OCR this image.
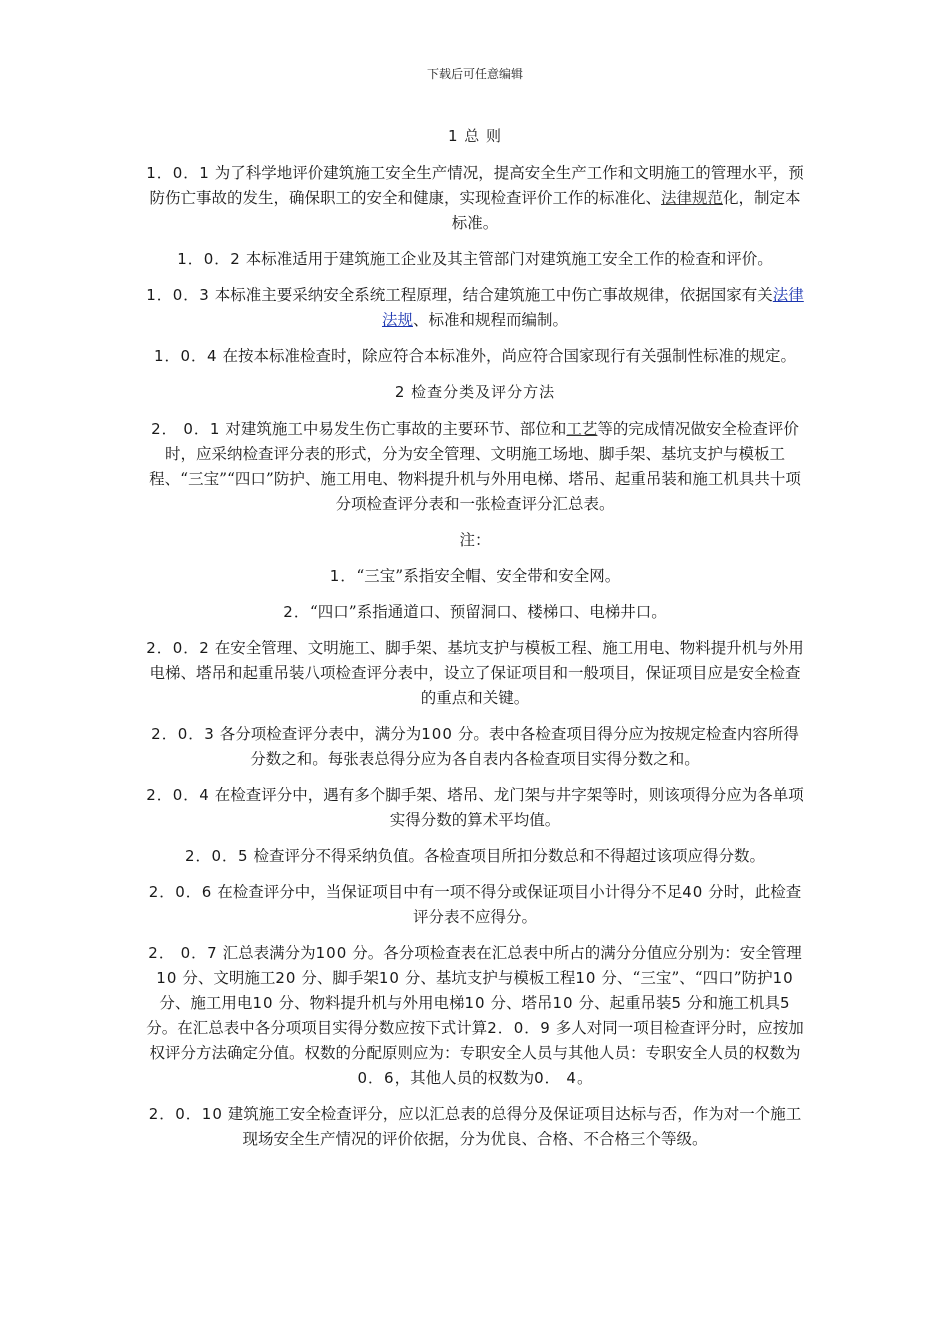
下载后可任意编辑
1 总 则

1．0．1 为了科学地评价建筑施工安全生产情况，提高安全生产工作和文明施工的管理水平，预防伤亡事故的发生，确保职工的安全和健康，实现检查评价工作的标准化、法律规范化，制定本标准。

1．0．2 本标准适用于建筑施工企业及其主管部门对建筑施工安全工作的检查和评价。

1．0．3 本标准主要采纳安全系统工程原理，结合建筑施工中伤亡事故规律，依据国家有关法律法规、标准和规程而编制。

1．0．4 在按本标准检查时，除应符合本标准外，尚应符合国家现行有关强制性标准的规定。

2 检查分类及评分方法

2． 0．1 对建筑施工中易发生伤亡事故的主要环节、部位和工艺等的完成情况做安全检查评价时，应采纳检查评分表的形式，分为安全管理、文明施工场地、脚手架、基坑支护与模板工程、“三宝”“四口”防护、施工用电、物料提升机与外用电梯、塔吊、起重吊装和施工机具共十项分项检查评分表和一张检查评分汇总表。

注：

1．“三宝”系指安全帽、安全带和安全网。

2．“四口”系指通道口、预留洞口、楼梯口、电梯井口。

2．0．2 在安全管理、文明施工、脚手架、基坑支护与模板工程、施工用电、物料提升机与外用电梯、塔吊和起重吊装八项检查评分表中，设立了保证项目和一般项目，保证项目应是安全检查的重点和关键。

2．0．3 各分项检查评分表中，满分为100 分。表中各检查项目得分应为按规定检查内容所得分数之和。每张表总得分应为各自表内各检查项目实得分数之和。

2．0．4 在检查评分中，遇有多个脚手架、塔吊、龙门架与井字架等时，则该项得分应为各单项实得分数的算术平均值。

2．0．5 检查评分不得采纳负值。各检查项目所扣分数总和不得超过该项应得分数。

2．0．6 在检查评分中，当保证项目中有一项不得分或保证项目小计得分不足40 分时，此检查评分表不应得分。

2． 0．7 汇总表满分为100 分。各分项检查表在汇总表中所占的满分分值应分别为：安全管理10 分、文明施工20 分、脚手架10 分、基坑支护与模板工程10 分、“三宝”、“四口”防护10 分、施工用电10 分、物料提升机与外用电梯10 分、塔吊10 分、起重吊装5 分和施工机具5 分。在汇总表中各分项项目实得分数应按下式计算2．0．9 多人对同一项目检查评分时，应按加权评分方法确定分值。权数的分配原则应为：专职安全人员与其他人员：专职安全人员的权数为0．6，其他人员的权数为0． 4。

2．0．10 建筑施工安全检查评分，应以汇总表的总得分及保证项目达标与否，作为对一个施工现场安全生产情况的评价依据，分为优良、合格、不合格三个等级。
